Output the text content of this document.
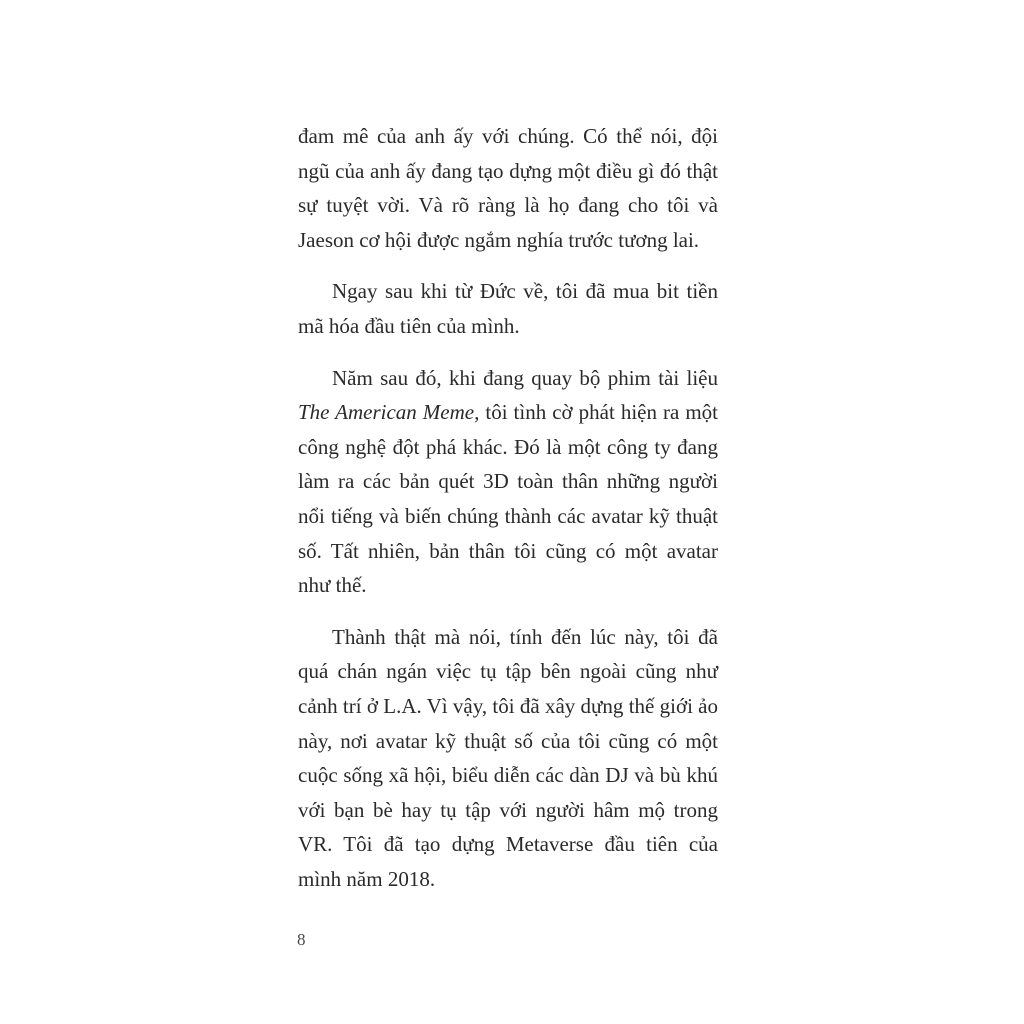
đam mê của anh ấy với chúng. Có thể nói, đội ngũ của anh ấy đang tạo dựng một điều gì đó thật sự tuyệt vời. Và rõ ràng là họ đang cho tôi và Jaeson cơ hội được ngắm nghía trước tương lai.

Ngay sau khi từ Đức về, tôi đã mua bit tiền mã hóa đầu tiên của mình.

Năm sau đó, khi đang quay bộ phim tài liệu The American Meme, tôi tình cờ phát hiện ra một công nghệ đột phá khác. Đó là một công ty đang làm ra các bản quét 3D toàn thân những người nổi tiếng và biến chúng thành các avatar kỹ thuật số. Tất nhiên, bản thân tôi cũng có một avatar như thế.

Thành thật mà nói, tính đến lúc này, tôi đã quá chán ngán việc tụ tập bên ngoài cũng như cảnh trí ở L.A. Vì vậy, tôi đã xây dựng thế giới ảo này, nơi avatar kỹ thuật số của tôi cũng có một cuộc sống xã hội, biểu diễn các dàn DJ và bù khú với bạn bè hay tụ tập với người hâm mộ trong VR. Tôi đã tạo dựng Metaverse đầu tiên của mình năm 2018.

8
